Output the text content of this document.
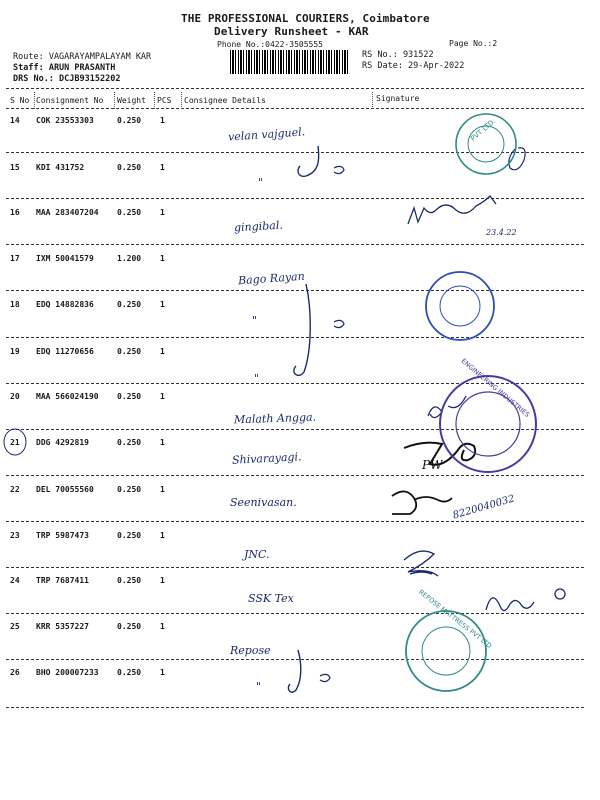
THE PROFESSIONAL COURIERS, Coimbatore
Delivery Runsheet - KAR
Phone No.:0422-3505555	Page No.:2
Route: VAGARAYAMPALAYAM KAR
Staff: ARUN PRASANTH
DRS No.: DCJB93152202
RS No.: 931522
RS Date: 29-Apr-2022
S No Consignment No Weight PCS Consignee Details	Signature
14 COK 23553303	0.250 1
velan vajguel.
15 KDI 431752	0.250 1
"
16 MAA 283407204 0.250 1
gingibal.	23.4.22
17 IXM 50041579	1.200 1
Bago Rayan
18 EDQ 14882836	0.250 1
"
19 EDQ 11270656	0.250 1
"
20 MAA 566024190 0.250 1
Malath Angga.
21 DDG 4292819	0.250 1
Shivarayagi.
22 DEL 70055560	0.250 1
Seenivasan.	8220040032
23 TRP 5987473	0.250 1
JNC.
24 TRP 7687411	0.250 1
SSK Tex
25 KRR 5357227	0.250 1
Repose
26 BHO 200007233 0.250 1
"
PVT LTD.
ENGINEERING INDUSTRIES
REPOSE MATTRESS PVT LTD
PW
